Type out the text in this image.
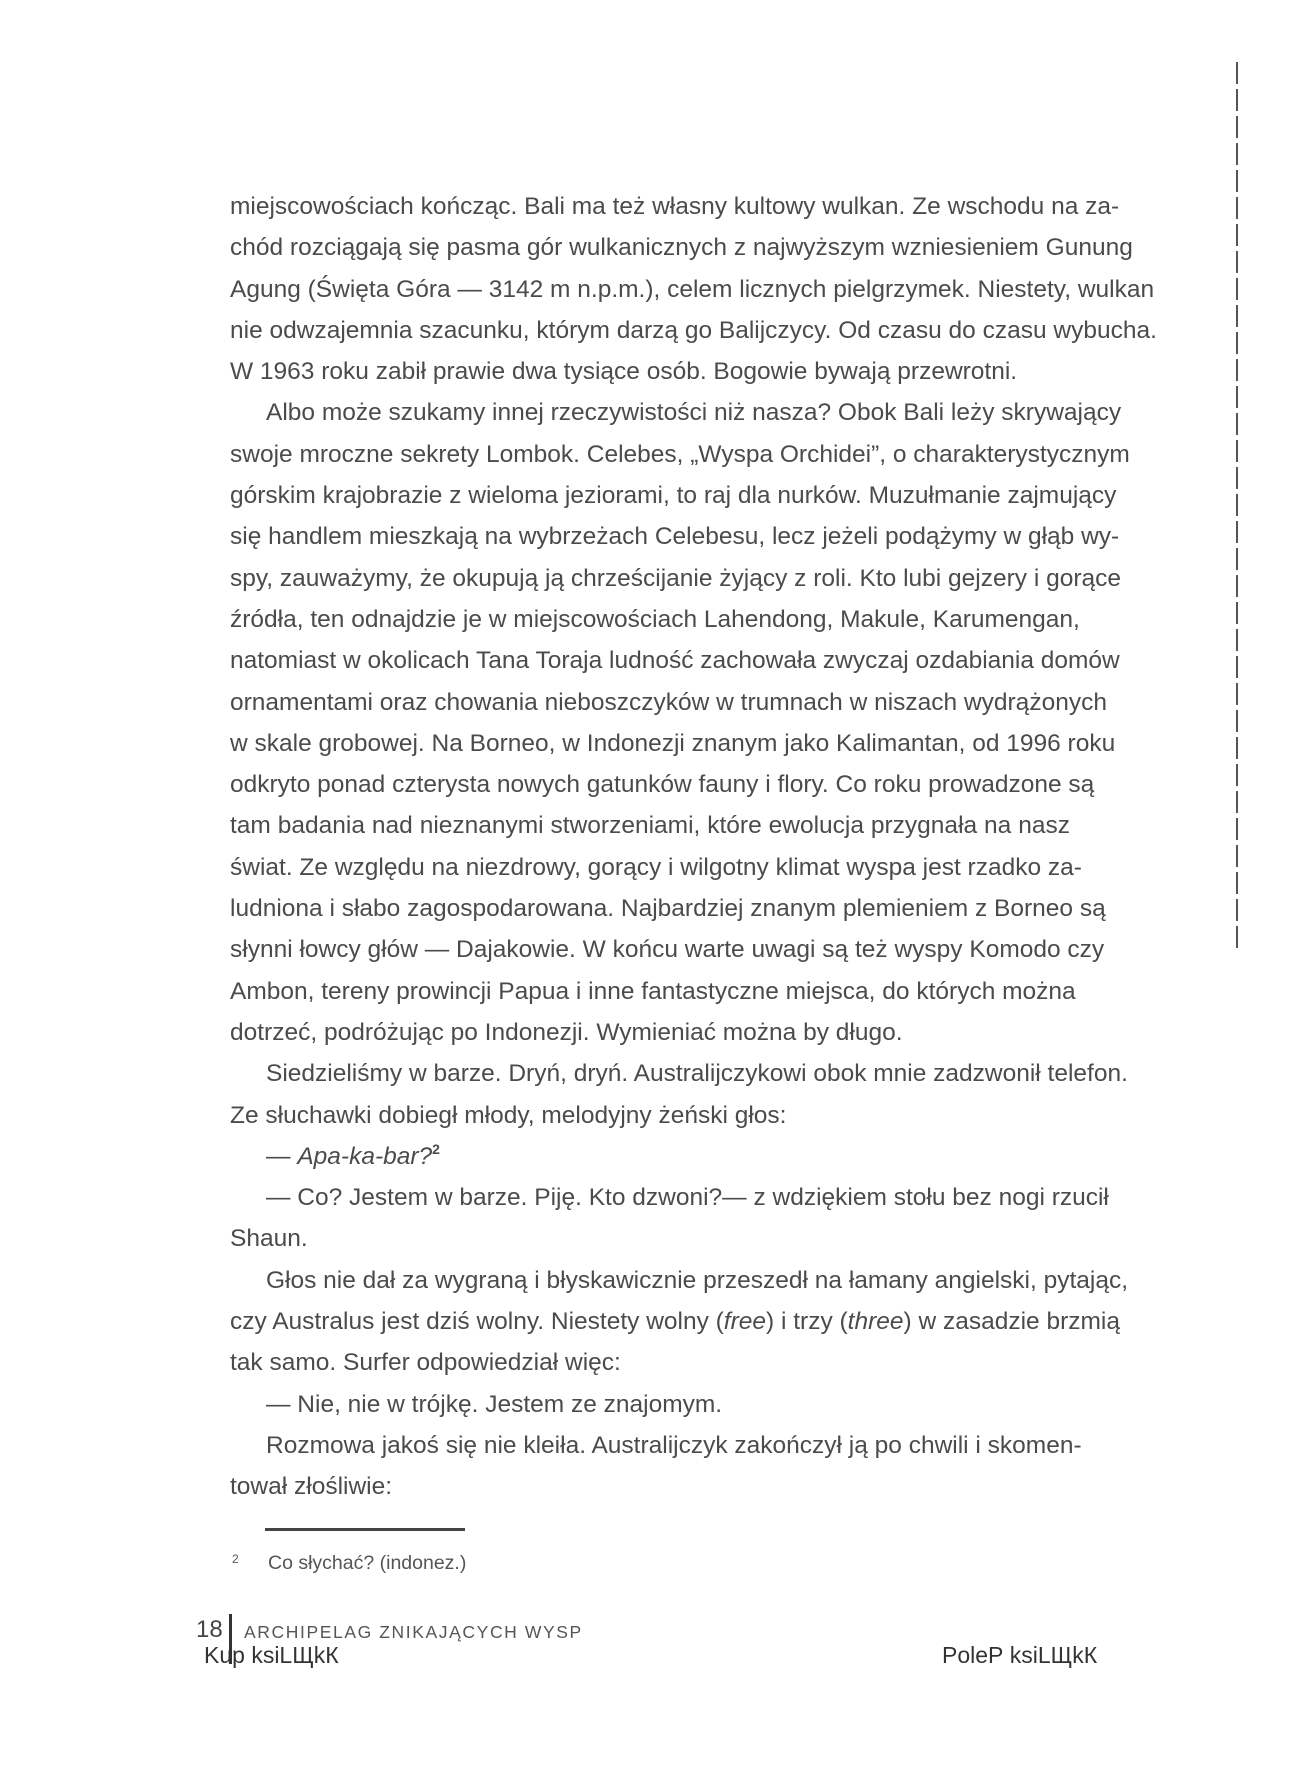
miejscowościach kończąc. Bali ma też własny kultowy wulkan. Ze wschodu na za-
chód rozciągają się pasma gór wulkanicznych z najwyższym wzniesieniem Gunung
Agung (Święta Góra — 3142 m n.p.m.), celem licznych pielgrzymek. Niestety, wulkan
nie odwzajemnia szacunku, którym darzą go Balijczycy. Od czasu do czasu wybucha.
W 1963 roku zabił prawie dwa tysiące osób. Bogowie bywają przewrotni.
Albo może szukamy innej rzeczywistości niż nasza? Obok Bali leży skrywający
swoje mroczne sekrety Lombok. Celebes, „Wyspa Orchidei”, o charakterystycznym
górskim krajobrazie z wieloma jeziorami, to raj dla nurków. Muzułmanie zajmujący
się handlem mieszkają na wybrzeżach Celebesu, lecz jeżeli podążymy w głąb wy-
spy, zauważymy, że okupują ją chrześcijanie żyjący z roli. Kto lubi gejzery i gorące
źródła, ten odnajdzie je w miejscowościach Lahendong, Makule, Karumengan,
natomiast w okolicach Tana Toraja ludność zachowała zwyczaj ozdabiania domów
ornamentami oraz chowania nieboszczyków w trumnach w niszach wydrążonych
w skale grobowej. Na Borneo, w Indonezji znanym jako Kalimantan, od 1996 roku
odkryto ponad czterysta nowych gatunków fauny i flory. Co roku prowadzone są
tam badania nad nieznanymi stworzeniami, które ewolucja przygnała na nasz
świat. Ze względu na niezdrowy, gorący i wilgotny klimat wyspa jest rzadko za-
ludniona i słabo zagospodarowana. Najbardziej znanym plemieniem z Borneo są
słynni łowcy głów — Dajakowie. W końcu warte uwagi są też wyspy Komodo czy
Ambon, tereny prowincji Papua i inne fantastyczne miejsca, do których można
dotrzeć, podróżując po Indonezji. Wymieniać można by długo.
Siedzieliśmy w barze. Dryń, dryń. Australijczykowi obok mnie zadzwonił telefon.
Ze słuchawki dobiegł młody, melodyjny żeński głos:
— Apa-ka-bar?$^2$
— Co? Jestem w barze. Piję. Kto dzwoni?— z wdziękiem stołu bez nogi rzucił
Shaun.
Głos nie dał za wygraną i błyskawicznie przeszedł na łamany angielski, pytając,
czy Australus jest dziś wolny. Niestety wolny (free) i trzy (three) w zasadzie brzmią
tak samo. Surfer odpowiedział więc:
— Nie, nie w trójkę. Jestem ze znajomym.
Rozmowa jakoś się nie kleiła. Australijczyk zakończył ją po chwili i skomen-
tował złośliwie:
2 Co słychać? (indonez.)
18 ARCHIPELAG ZNIKAJĄCYCH WYSP
Kup ksiLЩkК	PoleР ksiLЩkК
